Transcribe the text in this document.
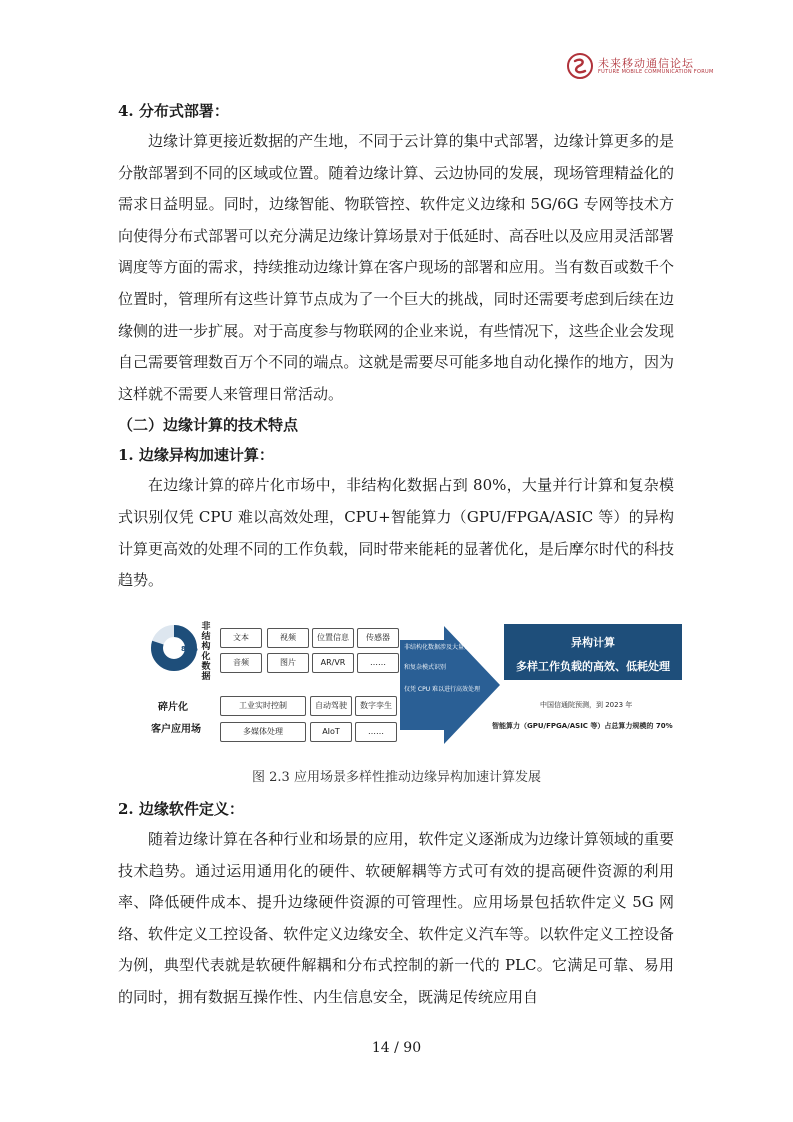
未来移动通信论坛
FUTURE MOBILE COMMUNICATION FORUM
4. 分布式部署：

边缘计算更接近数据的产生地，不同于云计算的集中式部署，边缘计算更多的是分散部署到不同的区域或位置。随着边缘计算、云边协同的发展，现场管理精益化的需求日益明显。同时，边缘智能、物联管控、软件定义边缘和 5G/6G 专网等技术方向使得分布式部署可以充分满足边缘计算场景对于低延时、高吞吐以及应用灵活部署调度等方面的需求，持续推动边缘计算在客户现场的部署和应用。当有数百或数千个位置时，管理所有这些计算节点成为了一个巨大的挑战，同时还需要考虑到后续在边缘侧的进一步扩展。对于高度参与物联网的企业来说，有些情况下，这些企业会发现自己需要管理数百万个不同的端点。这就是需要尽可能多地自动化操作的地方，因为这样就不需要人来管理日常活动。

（二）边缘计算的技术特点
1. 边缘异构加速计算：

在边缘计算的碎片化市场中，非结构化数据占到 80%，大量并行计算和复杂模式识别仅凭 CPU 难以高效处理，CPU+智能算力（GPU/FPGA/ASIC 等）的异构计算更高效的处理不同的工作负载，同时带来能耗的显著优化，是后摩尔时代的科技趋势。

80%
非结构化数据
文本	视频	位置信息	传感器
音频	图片	AR/VR	……
碎片化
客户应用场
工业实时控制	自动驾驶	数字孪生
多媒体处理	AIoT	……
非结构化数据涉及大量并行计算
和复杂模式识别
仅凭 CPU 难以进行高效处理
异构计算
多样工作负载的高效、低耗处理
中国信通院预测，到 2023 年
智能算力（GPU/FPGA/ASIC 等）占总算力规模的 70%
图 2.3 应用场景多样性推动边缘异构加速计算发展
2. 边缘软件定义：

随着边缘计算在各种行业和场景的应用，软件定义逐渐成为边缘计算领域的重要技术趋势。通过运用通用化的硬件、软硬解耦等方式可有效的提高硬件资源的利用率、降低硬件成本、提升边缘硬件资源的可管理性。应用场景包括软件定义 5G 网络、软件定义工控设备、软件定义边缘安全、软件定义汽车等。以软件定义工控设备为例，典型代表就是软硬件解耦和分布式控制的新一代的 PLC。它满足可靠、易用的同时，拥有数据互操作性、内生信息安全，既满足传统应用自

14 / 90
